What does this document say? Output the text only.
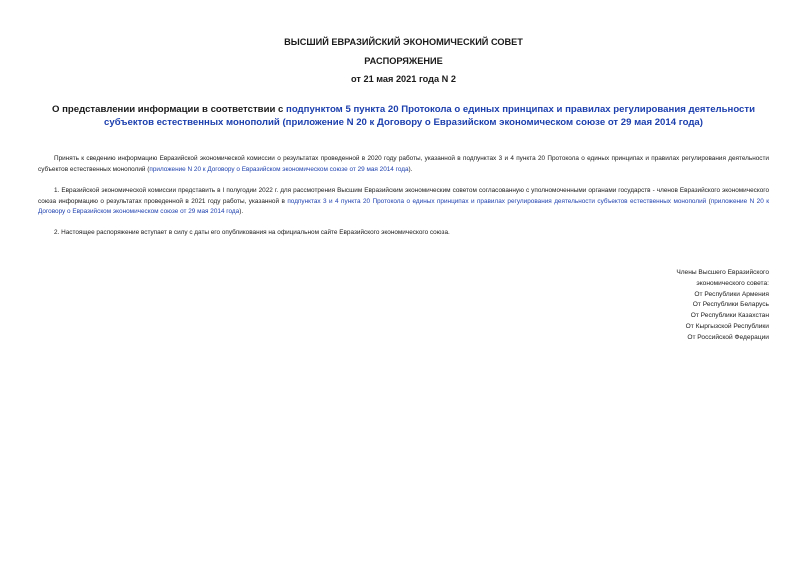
ВЫСШИЙ ЕВРАЗИЙСКИЙ ЭКОНОМИЧЕСКИЙ СОВЕТ
РАСПОРЯЖЕНИЕ
от 21 мая 2021 года N 2
О представлении информации в соответствии с подпунктом 5 пункта 20 Протокола о единых принципах и правилах регулирования деятельности субъектов естественных монополий (приложение N 20 к Договору о Евразийском экономическом союзе от 29 мая 2014 года)
Принять к сведению информацию Евразийской экономической комиссии о результатах проведенной в 2020 году работы, указанной в подпунктах 3 и 4 пункта 20 Протокола о единых принципах и правилах регулирования деятельности субъектов естественных монополий (приложение N 20 к Договору о Евразийском экономическом союзе от 29 мая 2014 года).
1. Евразийской экономической комиссии представить в I полугодии 2022 г. для рассмотрения Высшим Евразийским экономическим советом согласованную с уполномоченными органами государств - членов Евразийского экономического союза информацию о результатах проведенной в 2021 году работы, указанной в подпунктах 3 и 4 пункта 20 Протокола о единых принципах и правилах регулирования деятельности субъектов естественных монополий (приложение N 20 к Договору о Евразийском экономическом союзе от 29 мая 2014 года).
2. Настоящее распоряжение вступает в силу с даты его опубликования на официальном сайте Евразийского экономического союза.
Члены Высшего Евразийского
экономического совета:
От Республики Армения
От Республики Беларусь
От Республики Казахстан
От Кыргызской Республики
От Российской Федерации
